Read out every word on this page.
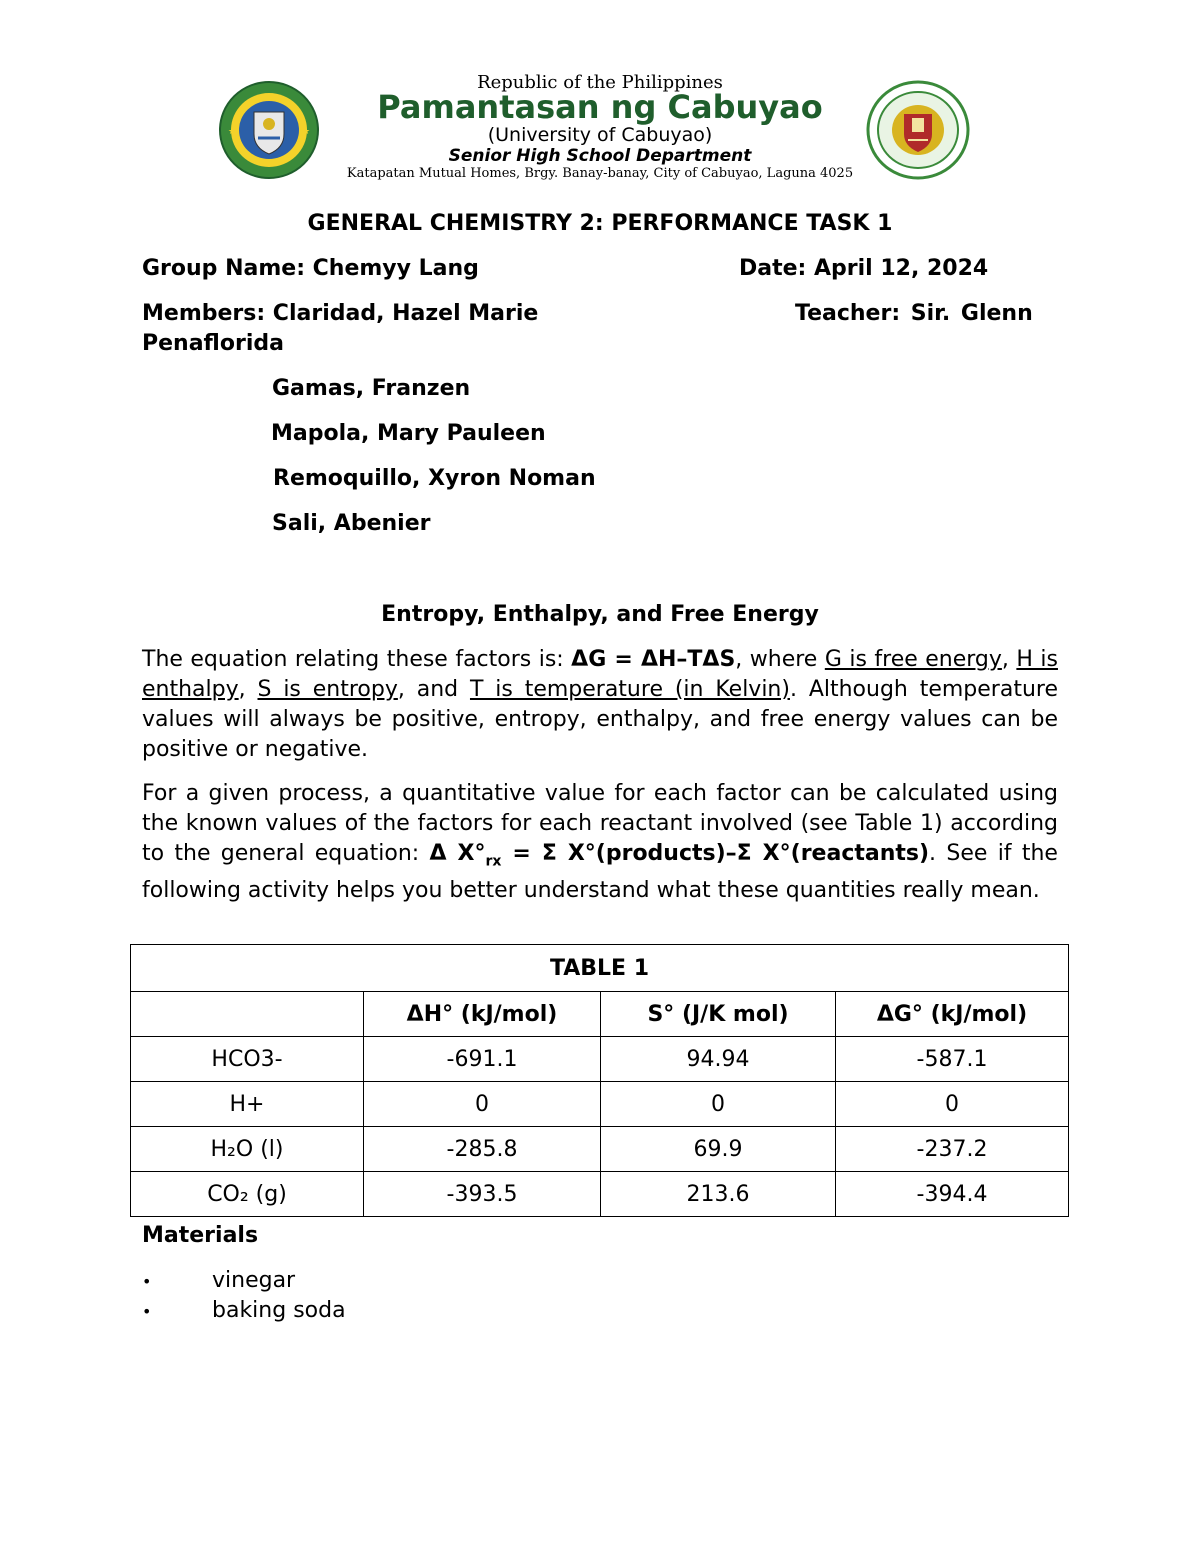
★	★
Republic of the Philippines
Pamantasan ng Cabuyao
(University of Cabuyao)
Senior High School Department
Katapatan Mutual Homes, Brgy. Banay-banay, City of Cabuyao, Laguna 4025
GENERAL CHEMISTRY 2: PERFORMANCE TASK 1
Group Name: Chemyy Lang	Date: April 12, 2024
Members: Claridad, Hazel Marie	Teacher: Sir. Glenn
Penaflorida
Gamas, Franzen
Mapola, Mary Pauleen
Remoquillo, Xyron Noman
Sali, Abenier
Entropy, Enthalpy, and Free Energy
The equation relating these factors is: ΔG = ΔH–TΔS, where G is free energy, H is enthalpy, S is entropy, and T is temperature (in Kelvin). Although temperature values will always be positive, entropy, enthalpy, and free energy values can be positive or negative.
For a given process, a quantitative value for each factor can be calculated using the known values of the factors for each reactant involved (see Table 1) according to the general equation: Δ $X^\circ_{rx} = \Sigma$ X°(products)–Σ X°(reactants). See if the following activity helps you better understand what these quantities really mean.
TABLE 1			
	ΔH° (kJ/mol)	S° (J/K mol)	ΔG° (kJ/mol)
HCO3-	-691.1	94.94	-587.1
H+	0	0	0
H₂O (l)	-285.8	69.9	-237.2
CO₂ (g)	-393.5	213.6	-394.4
Materials
•	vinegar
•	baking soda
